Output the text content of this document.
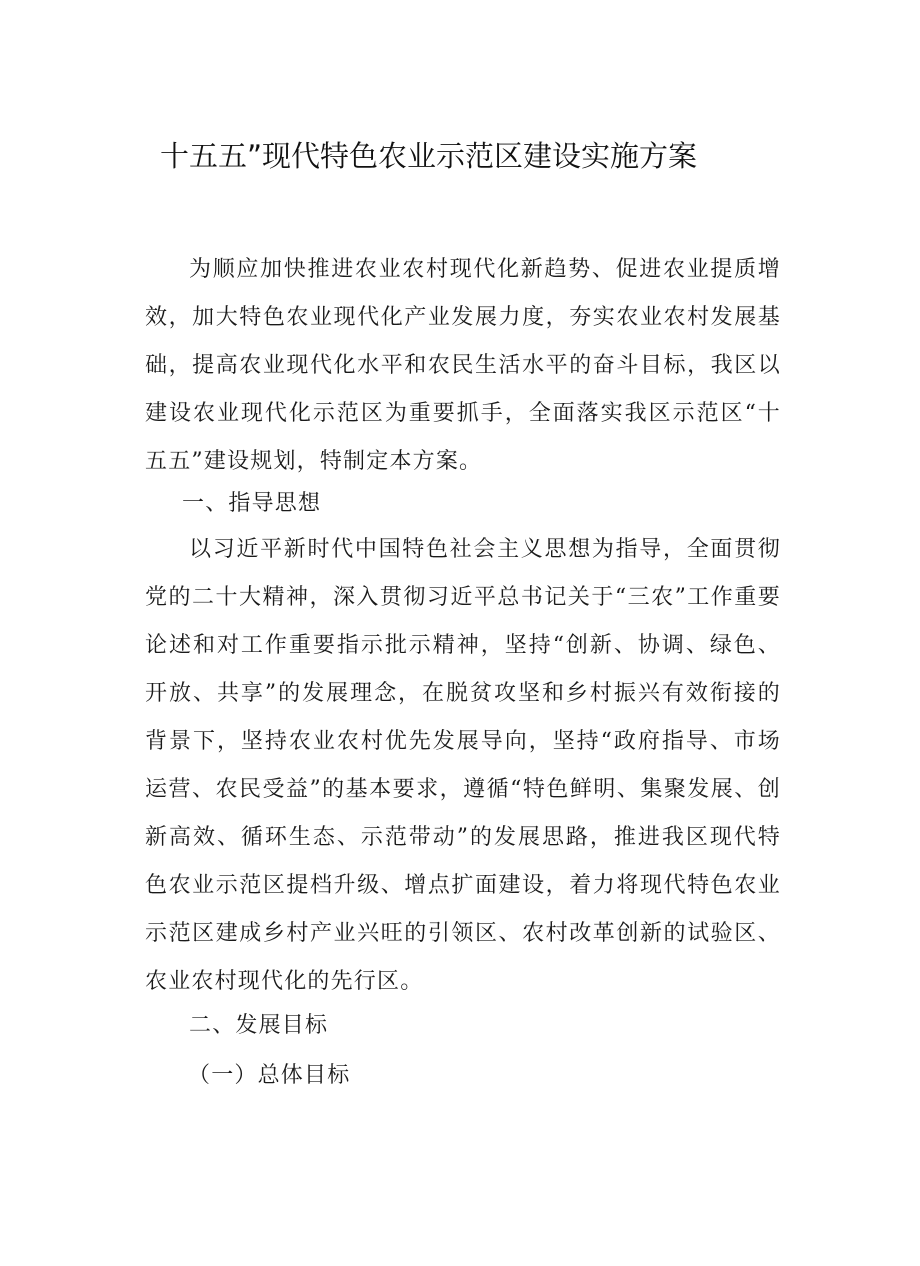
十五五”现代特色农业示范区建设实施方案

为顺应加快推进农业农村现代化新趋势、促进农业提质增效，加大特色农业现代化产业发展力度，夯实农业农村发展基础，提高农业现代化水平和农民生活水平的奋斗目标，我区以建设农业现代化示范区为重要抓手，全面落实我区示范区“十五五”建设规划，特制定本方案。

一、指导思想

以习近平新时代中国特色社会主义思想为指导，全面贯彻党的二十大精神，深入贯彻习近平总书记关于“三农”工作重要论述和对工作重要指示批示精神，坚持“创新、协调、绿色、开放、共享”的发展理念，在脱贫攻坚和乡村振兴有效衔接的背景下，坚持农业农村优先发展导向，坚持“政府指导、市场运营、农民受益”的基本要求，遵循“特色鲜明、集聚发展、创新高效、循环生态、示范带动”的发展思路，推进我区现代特色农业示范区提档升级、增点扩面建设，着力将现代特色农业示范区建成乡村产业兴旺的引领区、农村改革创新的试验区、农业农村现代化的先行区。

二、发展目标

（一）总体目标
